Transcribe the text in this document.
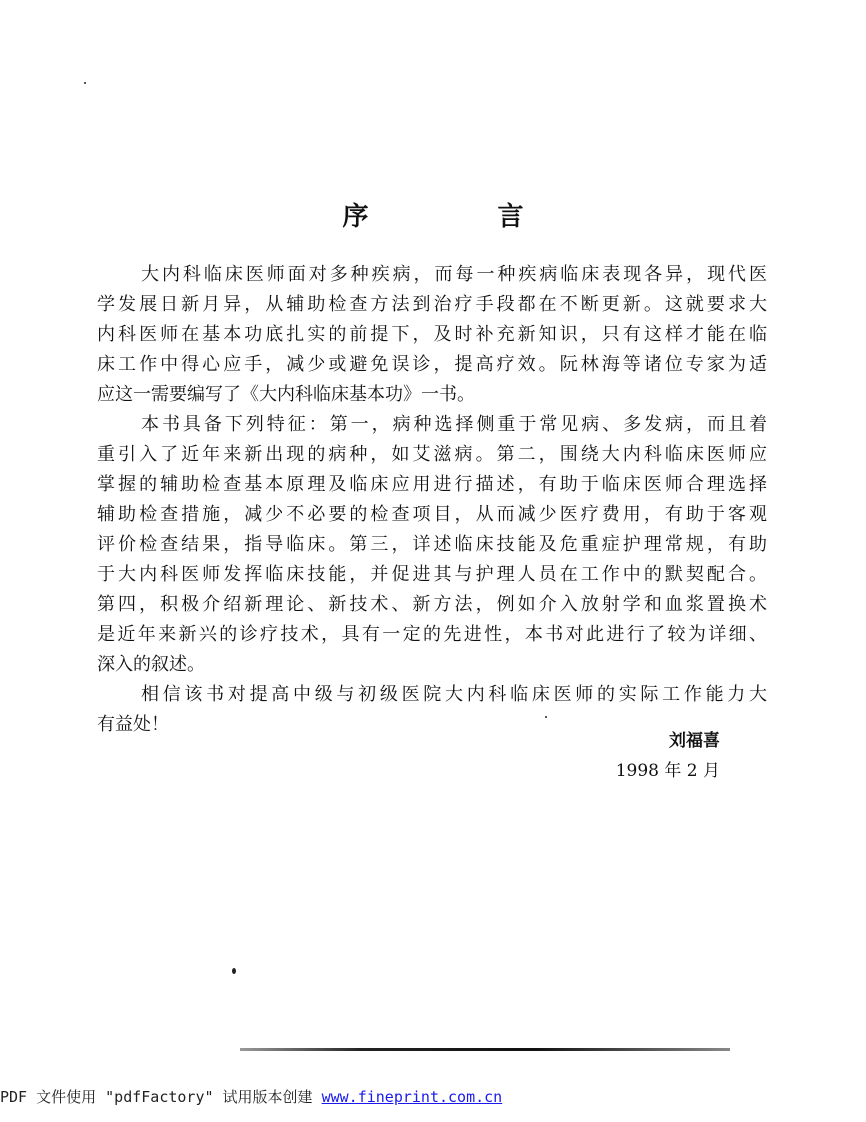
序 言
大内科临床医师面对多种疾病，而每一种疾病临床表现各异，现代医
学发展日新月异，从辅助检查方法到治疗手段都在不断更新。这就要求大
内科医师在基本功底扎实的前提下，及时补充新知识，只有这样才能在临
床工作中得心应手，减少或避免误诊，提高疗效。阮林海等诸位专家为适
应这一需要编写了《大内科临床基本功》一书。
本书具备下列特征：第一，病种选择侧重于常见病、多发病，而且着
重引入了近年来新出现的病种，如艾滋病。第二，围绕大内科临床医师应
掌握的辅助检查基本原理及临床应用进行描述，有助于临床医师合理选择
辅助检查措施，减少不必要的检查项目，从而减少医疗费用，有助于客观
评价检查结果，指导临床。第三，详述临床技能及危重症护理常规，有助
于大内科医师发挥临床技能，并促进其与护理人员在工作中的默契配合。
第四，积极介绍新理论、新技术、新方法，例如介入放射学和血浆置换术
是近年来新兴的诊疗技术，具有一定的先进性，本书对此进行了较为详细、
深入的叙述。
相信该书对提高中级与初级医院大内科临床医师的实际工作能力大
有益处！
刘福喜
1998 年 2 月
PDF 文件使用 "pdfFactory" 试用版本创建 www.fineprint.com.cn
